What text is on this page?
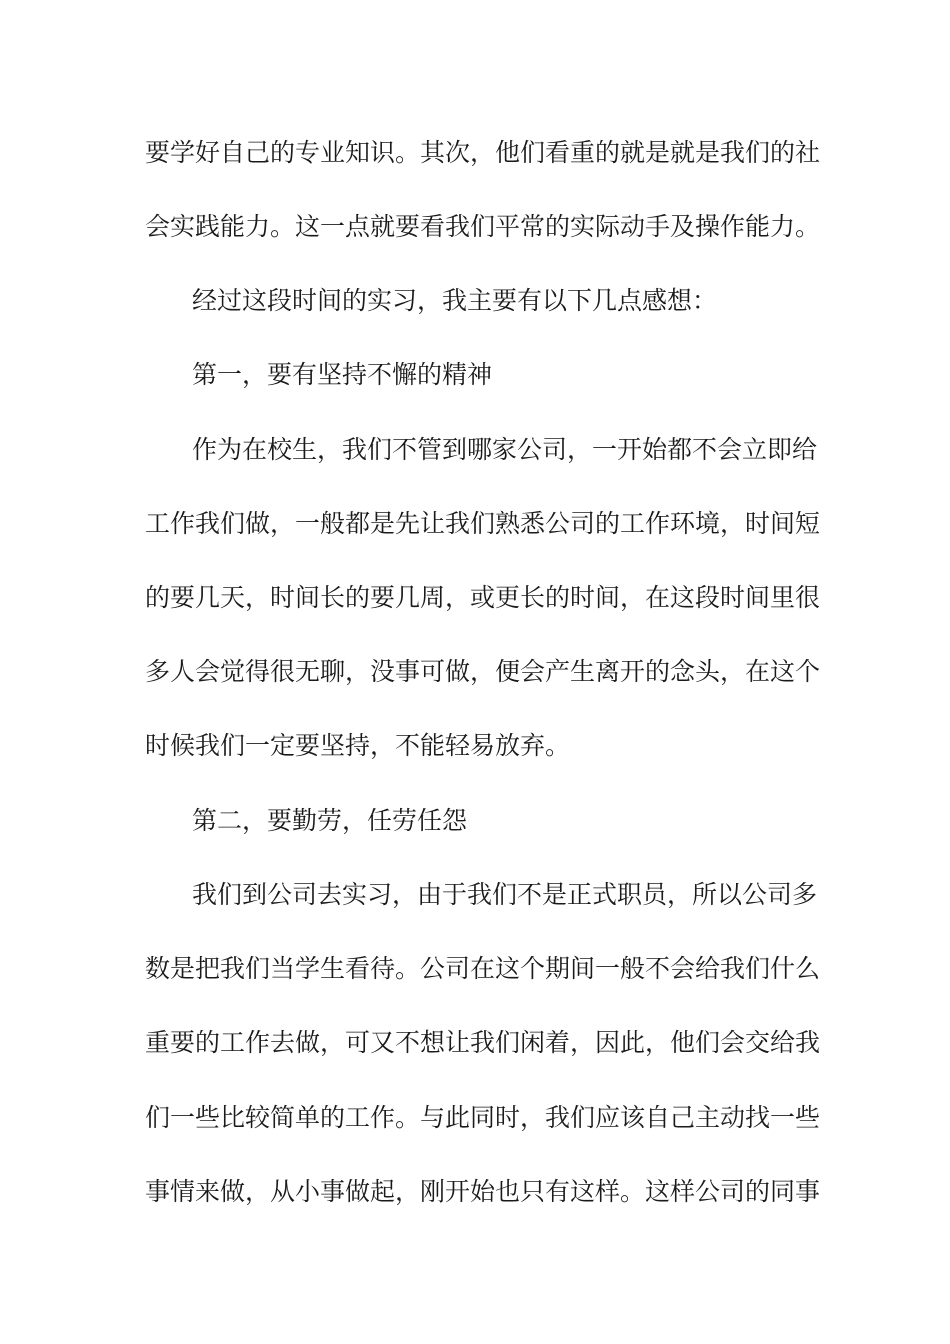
要学好自己的专业知识。其次，他们看重的就是就是我们的社
会实践能力。这一点就要看我们平常的实际动手及操作能力。
经过这段时间的实习，我主要有以下几点感想：
第一，要有坚持不懈的精神
作为在校生，我们不管到哪家公司，一开始都不会立即给
工作我们做，一般都是先让我们熟悉公司的工作环境，时间短
的要几天，时间长的要几周，或更长的时间，在这段时间里很
多人会觉得很无聊，没事可做，便会产生离开的念头，在这个
时候我们一定要坚持，不能轻易放弃。
第二，要勤劳，任劳任怨
我们到公司去实习，由于我们不是正式职员，所以公司多
数是把我们当学生看待。公司在这个期间一般不会给我们什么
重要的工作去做，可又不想让我们闲着，因此，他们会交给我
们一些比较简单的工作。与此同时，我们应该自己主动找一些
事情来做，从小事做起，刚开始也只有这样。这样公司的同事
